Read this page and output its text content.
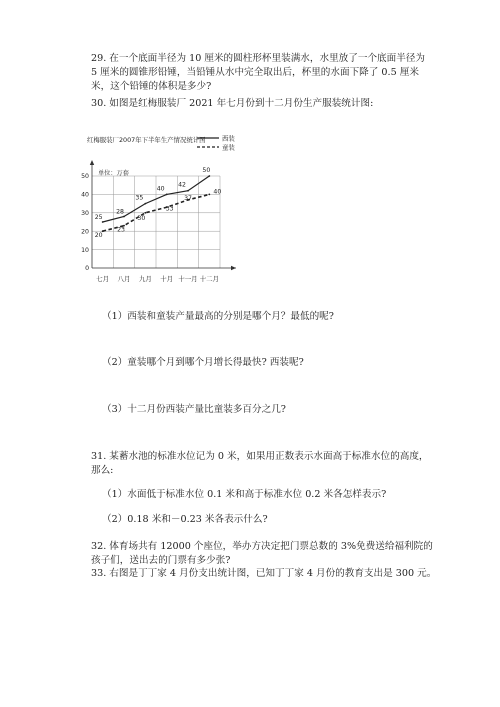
29. 在一个底面半径为 10 厘米的圆柱形杯里装满水，水里放了一个底面半径为
5 厘米的圆锥形铅锤，当铅锤从水中完全取出后，杯里的水面下降了 0.5 厘米
米，这个铅锤的体积是多少?
30. 如图是红梅服装厂 2021 年七月份到十二月份生产服装统计图:
红梅服装厂2007年下半年生产情况统计图	西装
童装
单位：万套
0
10
20
30
40
50
七月 八月 九月 十月 十一月 十二月
25
28
35
40
42
50
20
23
30
33
37
40
（1）西装和童装产量最高的分别是哪个月？最低的呢?
（2）童装哪个月到哪个月增长得最快? 西装呢?
（3）十二月份西装产量比童装多百分之几?
31. 某蓄水池的标准水位记为 0 米，如果用正数表示水面高于标准水位的高度，
那么:
（1）水面低于标准水位 0.1 米和高于标准水位 0.2 米各怎样表示?
（2）0.18 米和－0.23 米各表示什么?
32. 体育场共有 12000 个座位，举办方决定把门票总数的 3%免费送给福利院的
孩子们，送出去的门票有多少张?
33. 右图是丁丁家 4 月份支出统计图，已知丁丁家 4 月份的教育支出是 300 元。
